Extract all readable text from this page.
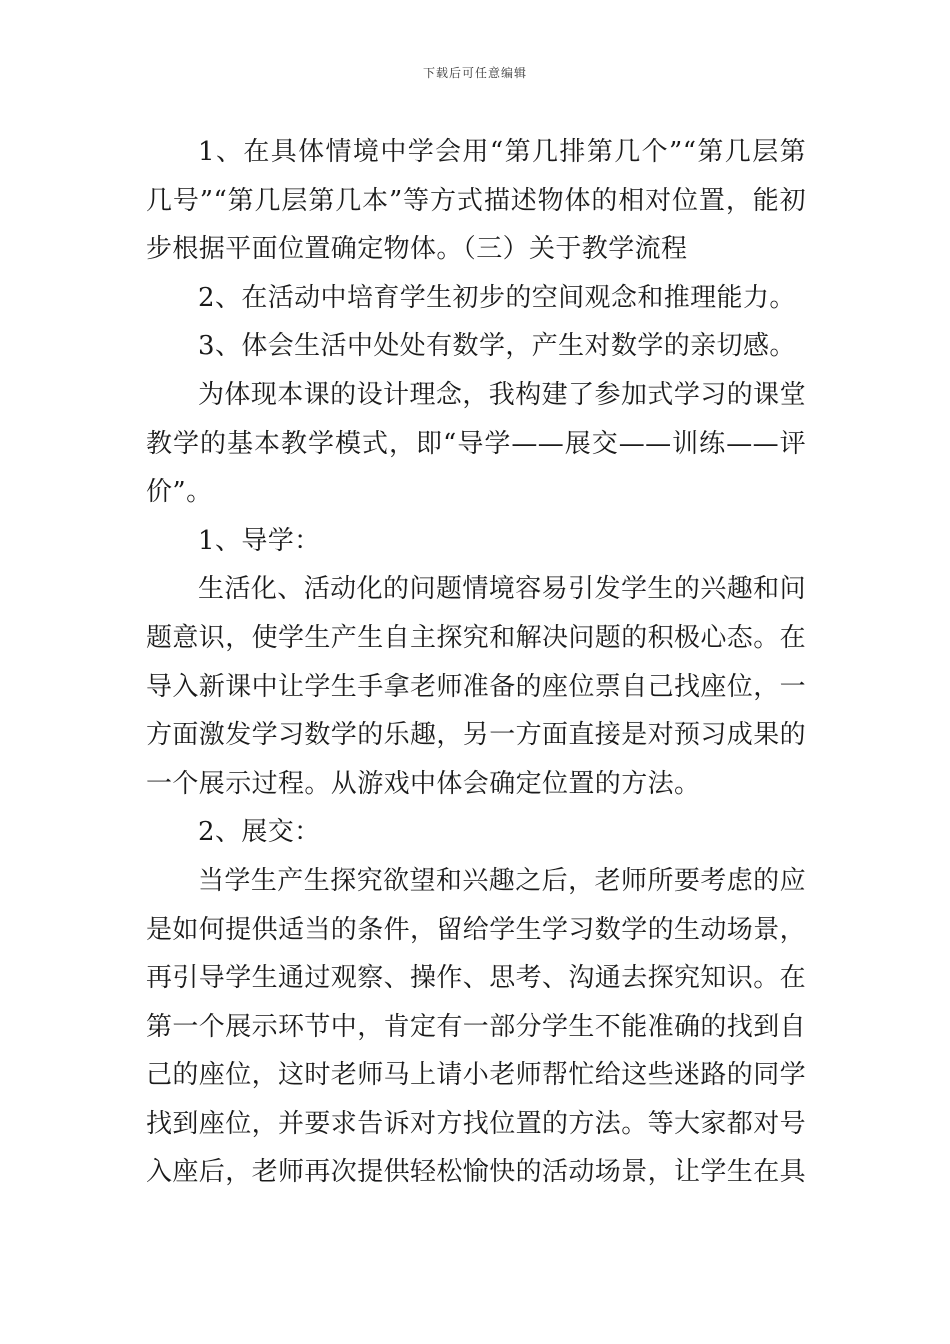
下载后可任意编辑

1、在具体情境中学会用“第几排第几个”“第几层第几号”“第几层第几本”等方式描述物体的相对位置，能初步根据平面位置确定物体。（三）关于教学流程

2、在活动中培育学生初步的空间观念和推理能力。

3、体会生活中处处有数学，产生对数学的亲切感。

为体现本课的设计理念，我构建了参加式学习的课堂教学的基本教学模式，即“导学——展交——训练——评价”。

1、导学：

生活化、活动化的问题情境容易引发学生的兴趣和问题意识，使学生产生自主探究和解决问题的积极心态。在导入新课中让学生手拿老师准备的座位票自己找座位，一方面激发学习数学的乐趣，另一方面直接是对预习成果的一个展示过程。从游戏中体会确定位置的方法。

2、展交：

当学生产生探究欲望和兴趣之后，老师所要考虑的应是如何提供适当的条件，留给学生学习数学的生动场景，再引导学生通过观察、操作、思考、沟通去探究知识。在第一个展示环节中，肯定有一部分学生不能准确的找到自己的座位，这时老师马上请小老师帮忙给这些迷路的同学找到座位，并要求告诉对方找位置的方法。等大家都对号入座后，老师再次提供轻松愉快的活动场景，让学生在具
